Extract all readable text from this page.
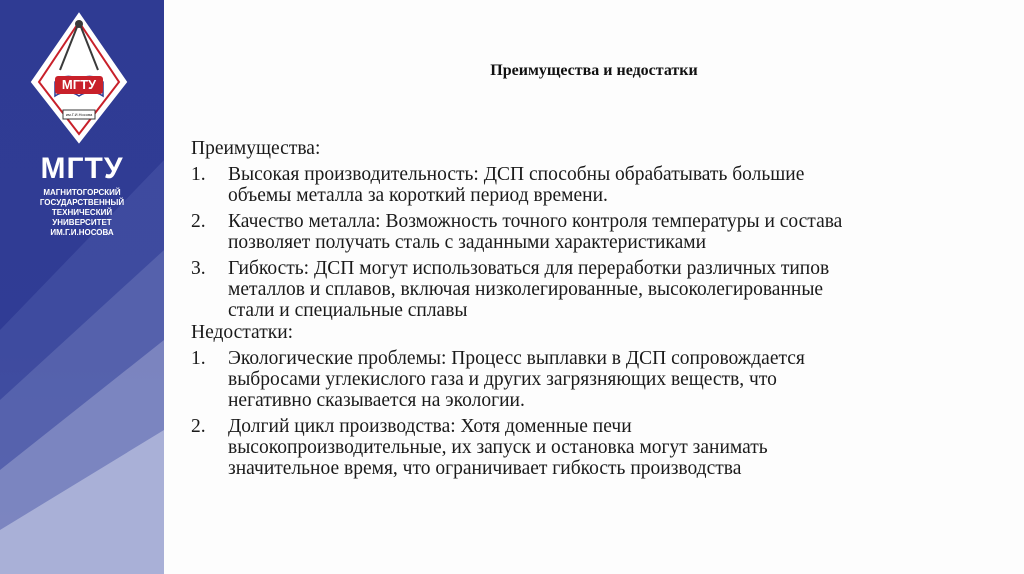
МГТУ
им.Г.И.Носова
МГТУ
МАГНИТОГОРСКИЙ
ГОСУДАРСТВЕННЫЙ
ТЕХНИЧЕСКИЙ
УНИВЕРСИТЕТ
ИМ.Г.И.НОСОВА
Преимущества и недостатки
Преимущества:
1. Высокая производительность: ДСП способны обрабатывать большие
объемы металла за короткий период времени.
2. Качество металла: Возможность точного контроля температуры и состава
позволяет получать сталь с заданными характеристиками
3. Гибкость: ДСП могут использоваться для переработки различных типов
металлов и сплавов, включая низколегированные, высоколегированные
стали и специальные сплавы
Недостатки:
1. Экологические проблемы: Процесс выплавки в ДСП сопровождается
выбросами углекислого газа и других загрязняющих веществ, что
негативно сказывается на экологии.
2. Долгий цикл производства: Хотя доменные печи
высокопроизводительные, их запуск и остановка могут занимать
значительное время, что ограничивает гибкость производства
